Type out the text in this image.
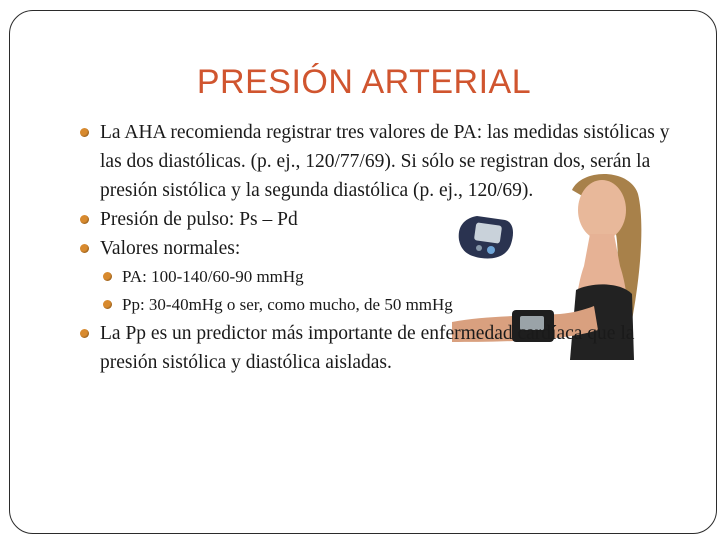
PRESIÓN ARTERIAL
La AHA recomienda registrar tres valores de PA: las medidas sistólicas y las dos diastólicas. (p. ej., 120/77/69). Si sólo se registran dos, serán la presión sistólica y la segunda diastólica (p. ej., 120/69).
Presión de pulso: Ps – Pd
Valores normales:
PA: 100-140/60-90 mmHg
Pp: 30-40mHg o ser, como mucho, de 50 mmHg
La Pp es un predictor más importante de enfermedad cardíaca que la presión sistólica y diastólica aisladas.
